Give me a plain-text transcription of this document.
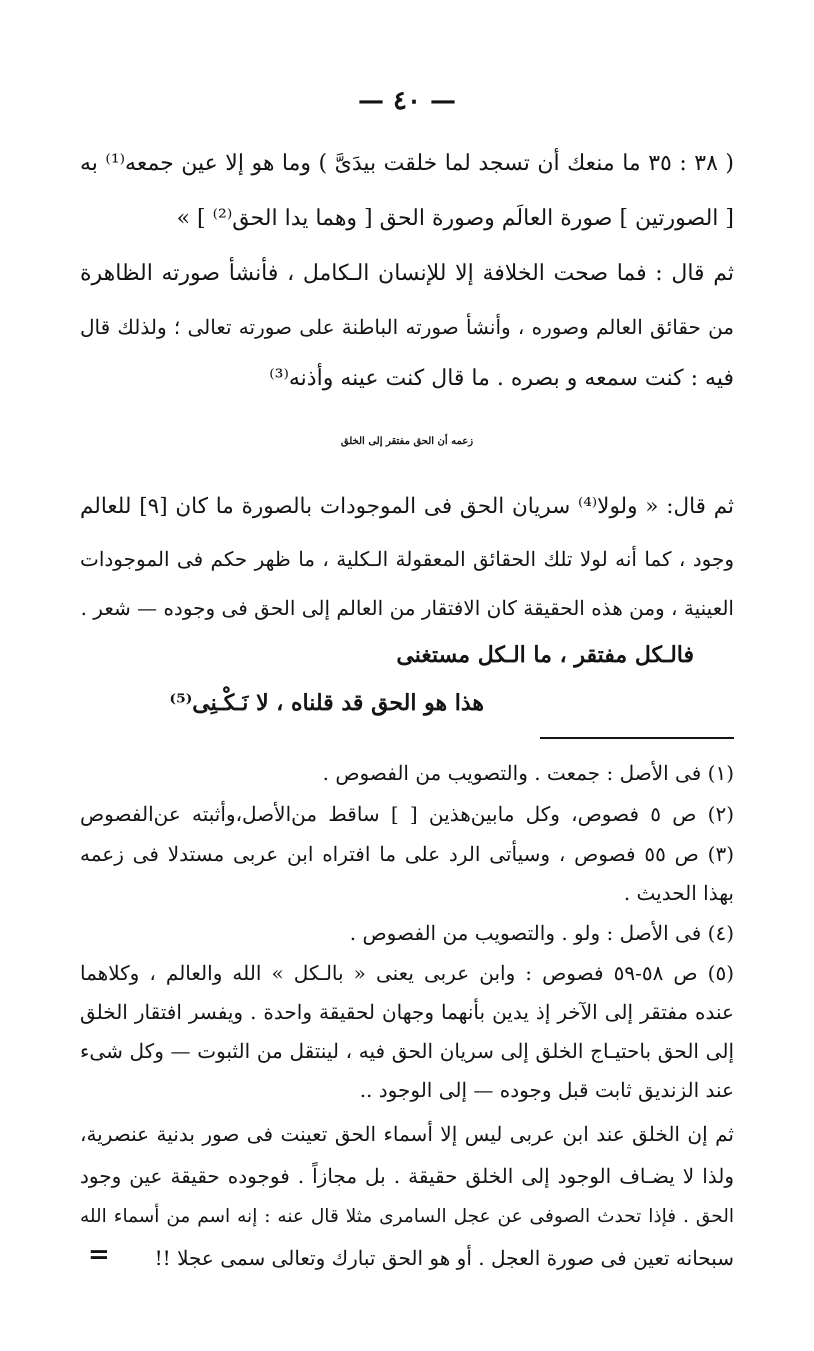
— ٤٠ —
( ٣٨ : ٣٥ ما منعك أن تسجد لما خلقت بيدَىَّ ) وما هو إلا عين جمعه⁽¹⁾ به
[ الصورتين ] صورة العالَم وصورة الحق [ وهما يدا الحق⁽²⁾ ] »
ثم قال : فما صحت الخلافة إلا للإنسان الـكامل ، فأنشأ صورته الظاهرة
من حقائق العالم وصوره ، وأنشأ صورته الباطنة على صورته تعالى ؛ ولذلك قال
فيه : كنت سمعه و بصره . ما قال كنت عينه وأذنه⁽³⁾
زعمه أن الحق مفتقر إلى الخلق
ثم قال: « ولولا⁽⁴⁾ سريان الحق فى الموجودات بالصورة ما كان [٩] للعالم
وجود ، كما أنه لولا تلك الحقائق المعقولة الـكلية ، ما ظهر حكم فى الموجودات
العينية ، ومن هذه الحقيقة كان الافتقار من العالم إلى الحق فى وجوده — شعر .
فالـكل مفتقر ، ما الـكل مستغنى
هذا هو الحق قد قلناه ، لا نَـكْـنِى⁽⁵⁾
(١) فى الأصل : جمعت . والتصويب من الفصوص .
(٢) ص ٥ فصوص، وكل مابين‌هذين [ ] ساقط من‌الأصل،وأثبته عن‌الفصوص
(٣) ص ٥٥ فصوص ، وسيأتى الرد على ما افتراه ابن عربى مستدلا فى زعمه
بهذا الحديث .
(٤) فى الأصل : ولو . والتصويب من الفصوص .
(٥) ص ٥٨-٥٩ فصوص : وابن عربى يعنى « بالـكل » الله والعالم ، وكلاهما
عنده مفتقر إلى الآخر إذ يدين بأنهما وجهان لحقيقة واحدة . ويفسر افتقار الخلق
إلى الحق باحتيـاج الخلق إلى سريان الحق فيه ، لينتقل من الثبوت — وكل شىء
عند الزنديق ثابت قبل وجوده — إلى الوجود ..
ثم إن الخلق عند ابن عربى ليس إلا أسماء الحق تعينت فى صور بدنية عنصرية،
ولذا لا يضـاف الوجود إلى الخلق حقيقة . بل مجازاً . فوجوده حقيقة عين وجود
الحق . فإذا تحدث الصوفى عن عجل السامرى مثلا قال عنه : إنه اسم من أسماء الله
سبحانه تعين فى صورة العجل . أو هو الحق تبارك وتعالى سمى عجلا !!
=
